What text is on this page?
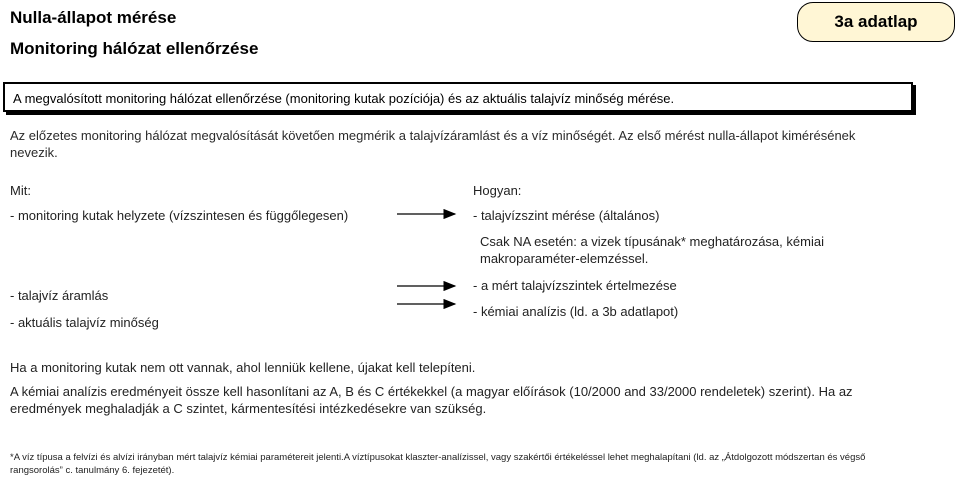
Nulla-állapot mérése
Monitoring hálózat ellenőrzése
3a adatlap
A megvalósított monitoring hálózat ellenőrzése (monitoring kutak pozíciója) és az aktuális talajvíz minőség mérése.
Az előzetes monitoring hálózat megvalósítását követően megmérik a talajvízáramlást és a víz minőségét. Az első mérést nulla-állapot kimérésének nevezik.
Mit:	Hogyan:
- monitoring kutak helyzete (vízszintesen és függőlegesen)	- talajvízszint mérése (általános)
Csak NA esetén: a vizek típusának* meghatározása, kémiai makroparaméter-elemzéssel.
- talajvíz áramlás
- aktuális talajvíz minőség
- a mért talajvízszintek értelmezése
- kémiai analízis (ld. a 3b adatlapot)
Ha a monitoring kutak nem ott vannak, ahol lenniük kellene, újakat kell telepíteni.
A kémiai analízis eredményeit össze kell hasonlítani az A, B és C értékekkel (a magyar előírások (10/2000 and 33/2000 rendeletek) szerint). Ha az eredmények meghaladják a C szintet, kármentesítési intézkedésekre van szükség.
*A víz típusa a felvízi és alvízi irányban mért talajvíz kémiai paramétereit jelenti.A víztípusokat klaszter-analízissel, vagy szakértői értékeléssel lehet meghalapítani (ld. az „Átdolgozott módszertan és végső rangsorolás” c. tanulmány 6. fejezetét).
